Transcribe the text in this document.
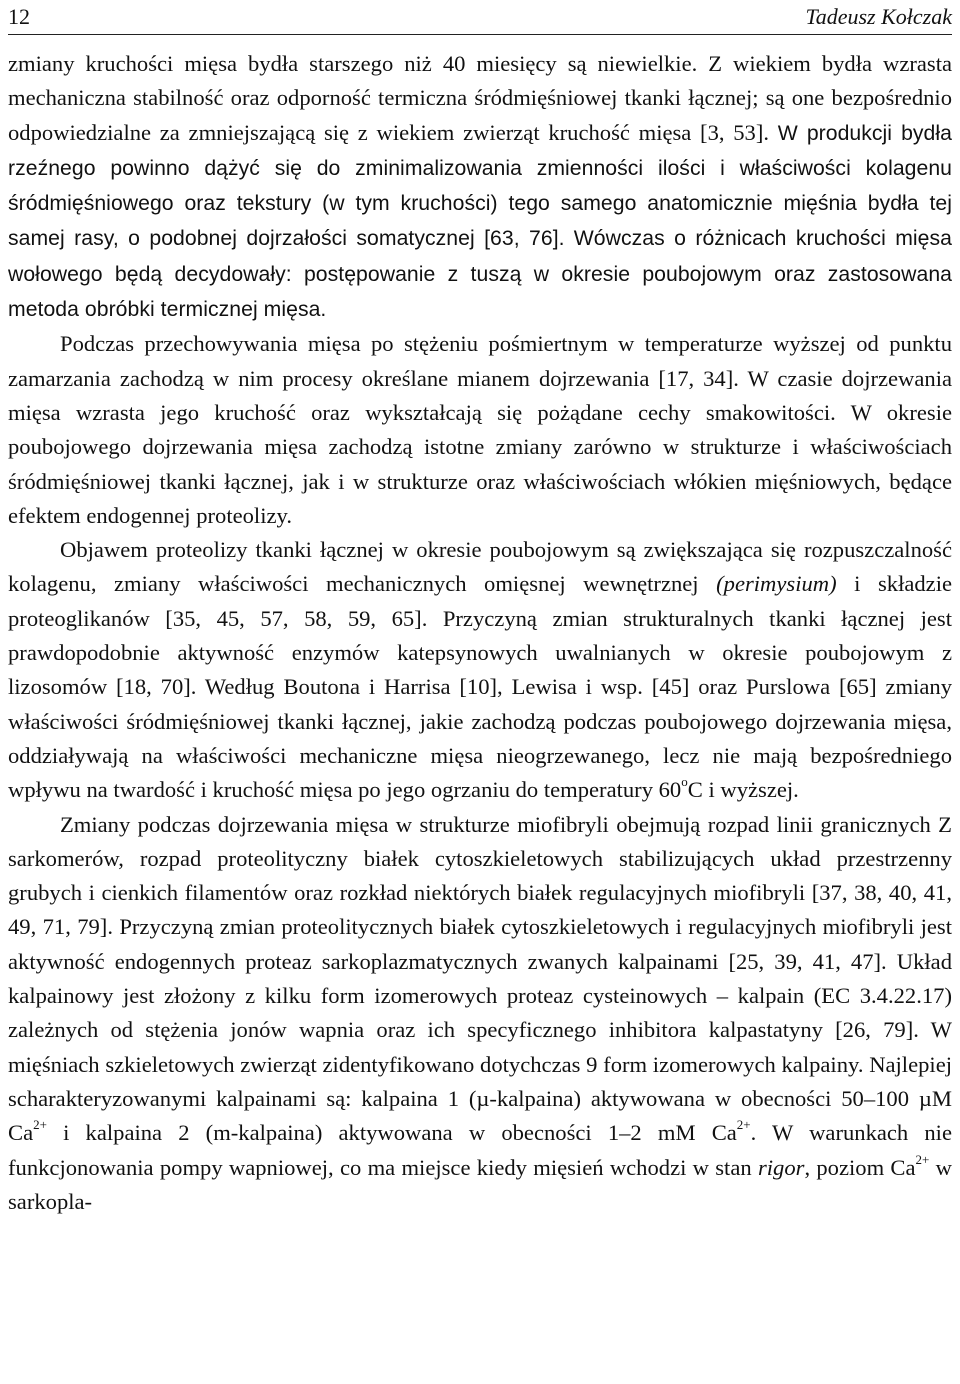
12	Tadeusz Kołczak

zmiany kruchości mięsa bydła starszego niż 40 miesięcy są niewielkie. Z wiekiem bydła wzrasta mechaniczna stabilność oraz odporność termiczna śródmięśniowej tkanki łącznej; są one bezpośrednio odpowiedzialne za zmniejszającą się z wiekiem zwierząt kruchość mięsa [3, 53]. W produkcji bydła rzeźnego powinno dążyć się do zminimalizowania zmienności ilości i właściwości kolagenu śródmięśniowego oraz tekstury (w tym kruchości) tego samego anatomicznie mięśnia bydła tej samej rasy, o podobnej dojrzałości somatycznej [63, 76]. Wówczas o różnicach kruchości mięsa wołowego będą decydowały: postępowanie z tuszą w okresie poubojowym oraz zastosowana metoda obróbki termicznej mięsa.

Podczas przechowywania mięsa po stężeniu pośmiertnym w temperaturze wyższej od punktu zamarzania zachodzą w nim procesy określane mianem dojrzewania [17, 34]. W czasie dojrzewania mięsa wzrasta jego kruchość oraz wykształcają się pożądane cechy smakowitości. W okresie poubojowego dojrzewania mięsa zachodzą istotne zmiany zarówno w strukturze i właściwościach śródmięśniowej tkanki łącznej, jak i w strukturze oraz właściwościach włókien mięśniowych, będące efektem endogennej proteolizy.

Objawem proteolizy tkanki łącznej w okresie poubojowym są zwiększająca się rozpuszczalność kolagenu, zmiany właściwości mechanicznych omięsnej wewnętrznej (perimysium) i składzie proteoglikanów [35, 45, 57, 58, 59, 65]. Przyczyną zmian strukturalnych tkanki łącznej jest prawdopodobnie aktywność enzymów katepsynowych uwalnianych w okresie poubojowym z lizosomów [18, 70]. Według Boutona i Harrisa [10], Lewisa i wsp. [45] oraz Purslowa [65] zmiany właściwości śródmięśniowej tkanki łącznej, jakie zachodzą podczas poubojowego dojrzewania mięsa, oddziaływają na właściwości mechaniczne mięsa nieogrzewanego, lecz nie mają bezpośredniego wpływu na twardość i kruchość mięsa po jego ogrzaniu do temperatury 60$^o$C i wyższej.

Zmiany podczas dojrzewania mięsa w strukturze miofibryli obejmują rozpad linii granicznych Z sarkomerów, rozpad proteolityczny białek cytoszkieletowych stabilizujących układ przestrzenny grubych i cienkich filamentów oraz rozkład niektórych białek regulacyjnych miofibryli [37, 38, 40, 41, 49, 71, 79]. Przyczyną zmian proteolitycznych białek cytoszkieletowych i regulacyjnych miofibryli jest aktywność endogennych proteaz sarkoplazmatycznych zwanych kalpainami [25, 39, 41, 47]. Układ kalpainowy jest złożony z kilku form izomerowych proteaz cysteinowych – kalpain (EC 3.4.22.17) zależnych od stężenia jonów wapnia oraz ich specyficznego inhibitora kalpastatyny [26, 79]. W mięśniach szkieletowych zwierząt zidentyfikowano dotychczas 9 form izomerowych kalpainy. Najlepiej scharakteryzowanymi kalpainami są: kalpaina 1 (µ-kalpaina) aktywowana w obecności 50–100 µM $Ca^{2+}$ i kalpaina 2 (m-kalpaina) aktywowana w obecności 1–2 mM $Ca^{2+}$. W warunkach nie funkcjonowania pompy wapniowej, co ma miejsce kiedy mięsień wchodzi w stan rigor, poziom $Ca^{2+}$ w sarkopla-
